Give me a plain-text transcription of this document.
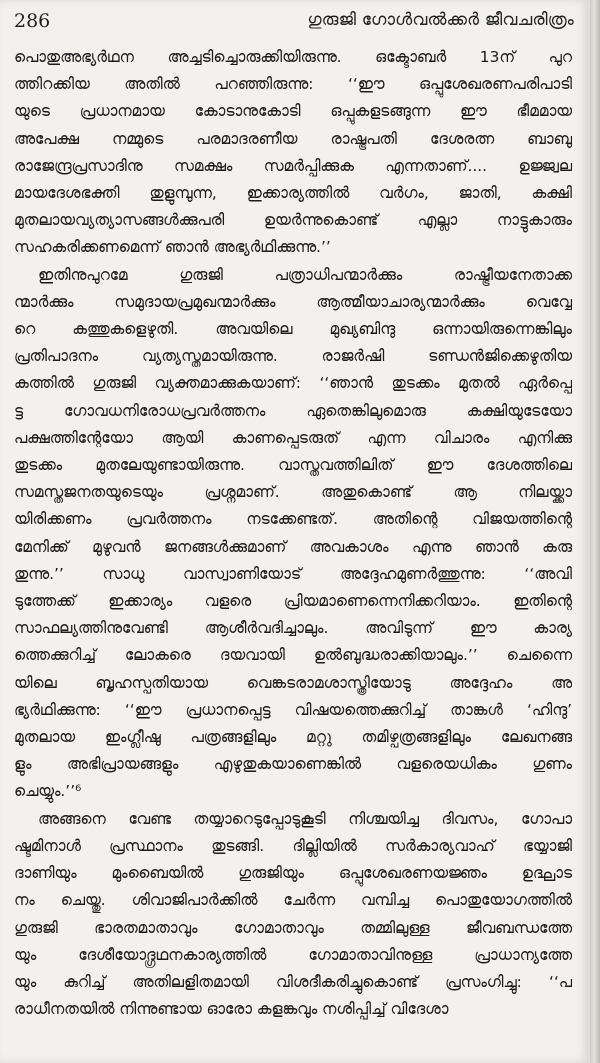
286	ഗുരുജി ഗോൾവൽക്കർ ജീവചരിത്രം
പൊതുഅഭ്യർഥന അച്ചടിച്ചൊരുക്കിയിരുന്നു. ഒക്ടോബർ 13ന് പുറ
ത്തിറക്കിയ അതിൽ പറഞ്ഞിരുന്നു: ‘‘ഈ ഒപ്പുശേഖരണപരിപാടി
യുടെ പ്രധാനമായ കോടാനുകോടി ഒപ്പുകളടങ്ങുന്ന ഈ ഭീമമായ
അപേക്ഷ നമ്മുടെ പരമാദരണീയ രാഷ്ട്രപതി ദേശരത്ന ബാബു
രാജേന്ദ്രപ്രസാദിനു സമക്ഷം സമർപ്പിക്കുക എന്നതാണ്.... ഉജ്ജ്വല
മായദേശഭക്തി തുളുമ്പുന്ന, ഇക്കാര്യത്തിൽ വർഗം, ജാതി, കക്ഷി
മുതലായവ്യത്യാസങ്ങൾക്കുപരി ഉയർന്നുകൊണ്ട് എല്ലാ നാട്ടുകാരും
സഹകരിക്കണമെന്ന് ഞാൻ അഭ്യർഥിക്കുന്നു.’’
ഇതിനുപുറമേ ഗുരുജി പത്രാധിപന്മാർക്കും രാഷ്ട്രീയനേതാക്ക
ന്മാർക്കും സമുദായപ്രമുഖന്മാർക്കും ആത്മീയാചാര്യന്മാർക്കും വെവ്വേ
റെ കത്തുകളെഴുതി. അവയിലെ മുഖ്യബിന്ദു ഒന്നായിരുന്നെങ്കിലും
പ്രതിപാദനം വ്യത്യസ്തമായിരുന്നു. രാജർഷി ടണ്ഡൻജിക്കെഴുതിയ
കത്തിൽ ഗുരുജി വ്യക്തമാക്കുകയാണ്: ‘‘ഞാൻ തുടക്കം മുതൽ ഏർപ്പെ
ട്ട ഗോവധനിരോധപ്രവർത്തനം ഏതെങ്കിലുമൊരു കക്ഷിയുടേയോ
പക്ഷത്തിന്റേയോ ആയി കാണപ്പെടരുത് എന്ന വിചാരം എനിക്കു
തുടക്കം മുതലേയുണ്ടായിരുന്നു. വാസ്തവത്തിലിത് ഈ ദേശത്തിലെ
സമസ്തജനതയുടെയും പ്രശ്നമാണ്. അതുകൊണ്ട് ആ നിലയ്ക്കാ
യിരിക്കണം പ്രവർത്തനം നടക്കേണ്ടത്. അതിന്റെ വിജയത്തിന്റെ
മേനിക്ക് മുഴുവൻ ജനങ്ങൾക്കുമാണ് അവകാശം എന്നു ഞാൻ കരു
തുന്നു.’’ സാധു വാസ്വാണിയോട് അദ്ദേഹമുണർത്തുന്നു: ‘‘അവി
ടുത്തേക്ക് ഇക്കാര്യം വളരെ പ്രിയമാണെന്നെനിക്കറിയാം. ഇതിന്റെ
സാഫല്യത്തിനുവേണ്ടി ആശീർവദിച്ചാലും. അവിടുന്ന് ഈ കാര്യ
ത്തെക്കുറിച്ച് ലോകരെ ദയവായി ഉൽബുദ്ധരാക്കിയാലും.’’ ചെന്നൈ
യിലെ ബൃഹസ്പതിയായ വെങ്കടരാമശാസ്ത്രിയോടു അദ്ദേഹം അ
ഭ്യർഥിക്കുന്നു: ‘‘ഈ പ്രധാനപ്പെട്ട വിഷയത്തെക്കുറിച്ച് താങ്കൾ ‘ഹിന്ദു’
മുതലായ ഇംഗ്ലീഷു പത്രങ്ങളിലും മറ്റു തമിഴ്പത്രങ്ങളിലും ലേഖനങ്ങ
ളും അഭിപ്രായങ്ങളും എഴുതുകയാണെങ്കിൽ വളരെയധികം ഗുണം
ചെയ്യും.’’⁶
അങ്ങനെ വേണ്ട തയ്യാറെടുപ്പോടുകൂടി നിശ്ചയിച്ച ദിവസം, ഗോപാ
ഷ്ടമിനാൾ പ്രസ്ഥാനം തുടങ്ങി. ദില്ലിയിൽ സർകാര്യവാഹ് ഭയ്യാജി
ദാണിയും മുംബൈയിൽ ഗുരുജിയും ഒപ്പുശേഖരണയജ്ഞം ഉദ്ഘാട
നം ചെയ്തു. ശിവാജിപാർക്കിൽ ചേർന്ന വമ്പിച്ച പൊതുയോഗത്തിൽ
ഗുരുജി ഭാരതമാതാവും ഗോമാതാവും തമ്മിലുള്ള ജീവബന്ധത്തേ
യും ദേശീയോദ്ഗ്രഥനകാര്യത്തിൽ ഗോമാതാവിനുള്ള പ്രാധാന്യത്തേ
യും കുറിച്ച് അതിലളിതമായി വിശദീകരിച്ചുകൊണ്ട് പ്രസംഗിച്ചു: ‘‘പ
രാധീനതയിൽ നിന്നുണ്ടായ ഓരോ കളങ്കവും നശിപ്പിച്ച് വിദേശാ
